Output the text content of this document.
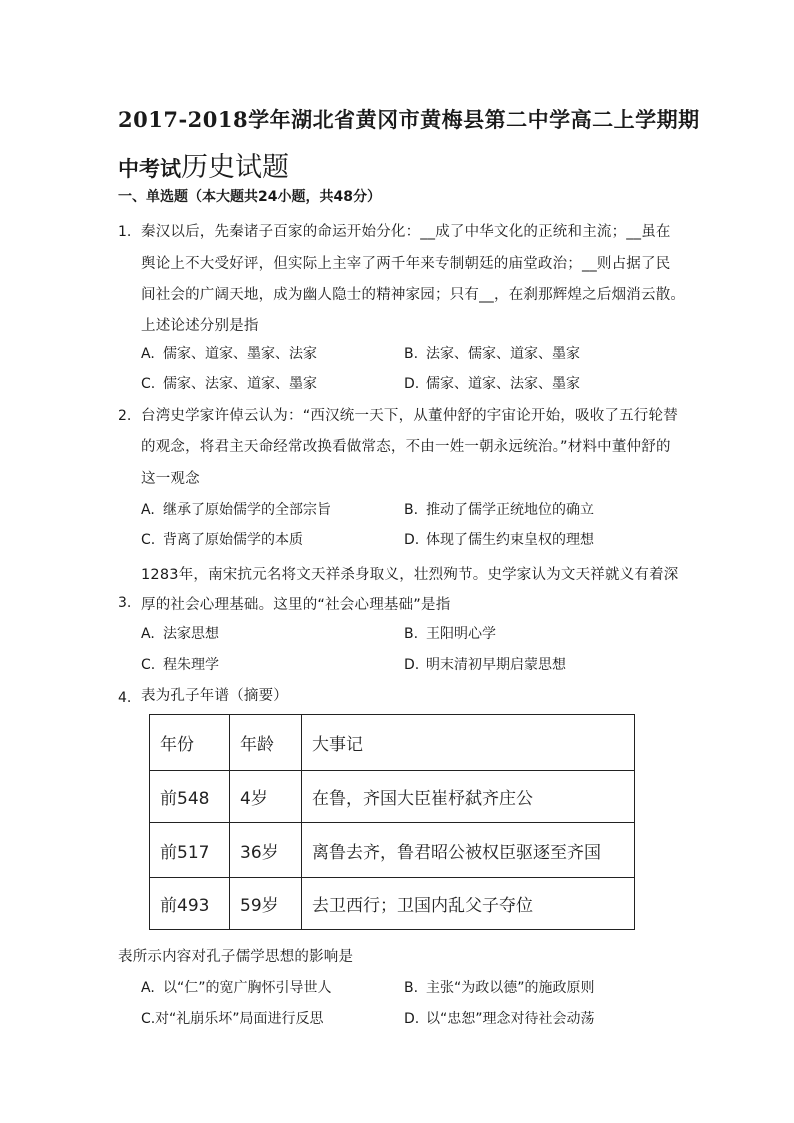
2017-2018学年湖北省黄冈市黄梅县第二中学高二上学期期
中考试历史试题
一、单选题（本大题共24小题，共48分）
1. 秦汉以后，先秦诸子百家的命运开始分化：__成了中华文化的正统和主流；__虽在
舆论上不大受好评，但实际上主宰了两千年来专制朝廷的庙堂政治；__则占据了民
间社会的广阔天地，成为幽人隐士的精神家园；只有__，在刹那辉煌之后烟消云散。
上述论述分别是指
A. 儒家、道家、墨家、法家	B. 法家、儒家、道家、墨家
C. 儒家、法家、道家、墨家	D. 儒家、道家、法家、墨家
2. 台湾史学家许倬云认为：“西汉统一天下，从董仲舒的宇宙论开始，吸收了五行轮替
的观念，将君主天命经常改换看做常态，不由一姓一朝永远统治。”材料中董仲舒的
这一观念
A. 继承了原始儒学的全部宗旨	B. 推动了儒学正统地位的确立
C. 背离了原始儒学的本质	D. 体现了儒生约束皇权的理想
3.
1283年，南宋抗元名将文天祥杀身取义，壮烈殉节。史学家认为文天祥就义有着深
厚的社会心理基础。这里的“社会心理基础”是指
A. 法家思想	B. 王阳明心学
C. 程朱理学	D. 明末清初早期启蒙思想
4. 表为孔子年谱（摘要）
年份	年龄	大事记
前548	4岁	在鲁，齐国大臣崔杼弑齐庄公
前517	36岁	离鲁去齐，鲁君昭公被权臣驱逐至齐国
前493	59岁	去卫西行；卫国内乱父子夺位
表所示内容对孔子儒学思想的影响是
A. 以“仁”的宽广胸怀引导世人	B. 主张“为政以德”的施政原则
C.对“礼崩乐坏”局面进行反思	D. 以“忠恕”理念对待社会动荡
